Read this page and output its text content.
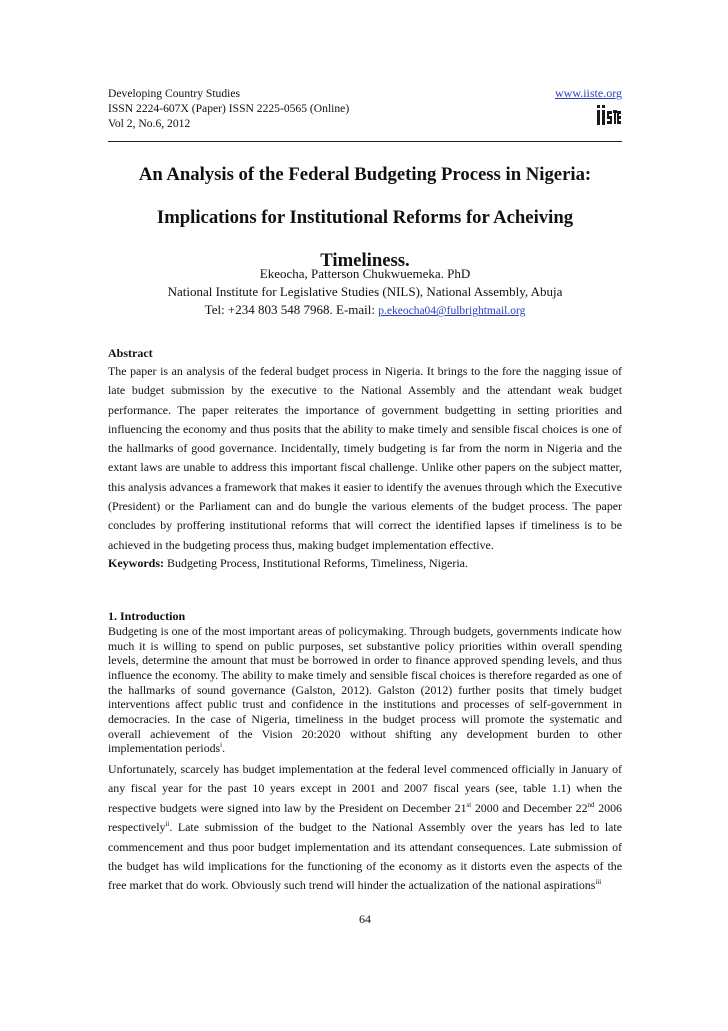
Developing Country Studies
ISSN 2224-607X (Paper) ISSN 2225-0565 (Online)
Vol 2, No.6, 2012
www.iiste.org
An Analysis of the Federal Budgeting Process in Nigeria:
Implications for Institutional Reforms for Acheiving
Timeliness.
Ekeocha, Patterson Chukwuemeka. PhD
National Institute for Legislative Studies (NILS), National Assembly, Abuja
Tel: +234 803 548 7968. E-mail: p.ekeocha04@fulbrightmail.org
Abstract
The paper is an analysis of the federal budget process in Nigeria. It brings to the fore the nagging issue of late budget submission by the executive to the National Assembly and the attendant weak budget performance. The paper reiterates the importance of government budgetting in setting priorities and influencing the economy and thus posits that the ability to make timely and sensible fiscal choices is one of the hallmarks of good governance. Incidentally, timely budgeting is far from the norm in Nigeria and the extant laws are unable to address this important fiscal challenge. Unlike other papers on the subject matter, this analysis advances a framework that makes it easier to identify the avenues through which the Executive (President) or the Parliament can and do bungle the various elements of the budget process. The paper concludes by proffering institutional reforms that will correct the identified lapses if timeliness is to be achieved in the budgeting process thus, making budget implementation effective.
Keywords: Budgeting Process, Institutional Reforms, Timeliness, Nigeria.
1. Introduction
Budgeting is one of the most important areas of policymaking. Through budgets, governments indicate how much it is willing to spend on public purposes, set substantive policy priorities within overall spending levels, determine the amount that must be borrowed in order to finance approved spending levels, and thus influence the economy. The ability to make timely and sensible fiscal choices is therefore regarded as one of the hallmarks of sound governance (Galston, 2012). Galston (2012) further posits that timely budget interventions affect public trust and confidence in the institutions and processes of self-government in democracies. In the case of Nigeria, timeliness in the budget process will promote the systematic and overall achievement of the Vision 20:2020 without shifting any development burden to other implementation periods$^i$.
Unfortunately, scarcely has budget implementation at the federal level commenced officially in January of any fiscal year for the past 10 years except in 2001 and 2007 fiscal years (see, table 1.1) when the respective budgets were signed into law by the President on December 21st 2000 and December 22nd 2006 respectively$^{ii}$. Late submission of the budget to the National Assembly over the years has led to late commencement and thus poor budget implementation and its attendant consequences. Late submission of the budget has wild implications for the functioning of the economy as it distorts even the aspects of the free market that do work. Obviously such trend will hinder the actualization of the national aspirations$^{iii}$
64
